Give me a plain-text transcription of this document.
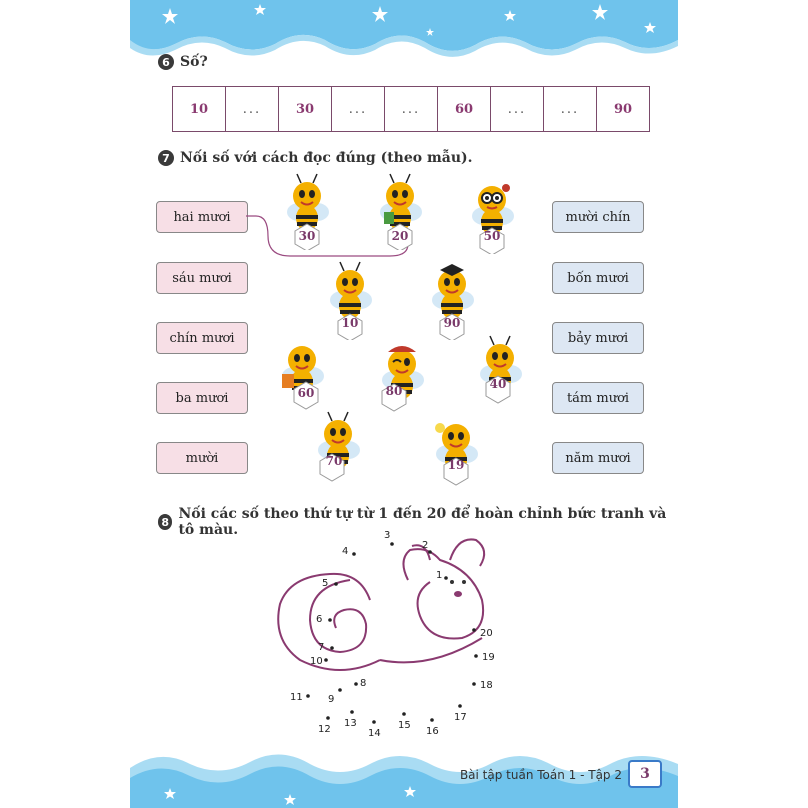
6 Số?
10	...	30	...	...	60	...	...	90
7 Nối số với cách đọc đúng (theo mẫu).
hai mươi
sáu mươi
chín mươi
ba mươi
mười
mười chín
bốn mươi
bảy mươi
tám mươi
năm mươi
30	20	50
10	90
60	80	40
70	19
8 Nối các số theo thứ tự từ 1 đến 20 để hoàn chỉnh bức tranh và tô màu.
1
2
3
4
5
6
7
8
9
10
11
12
13
14
15
16
17
18
19
20
Bài tập tuần Toán 1 - Tập 2	3
